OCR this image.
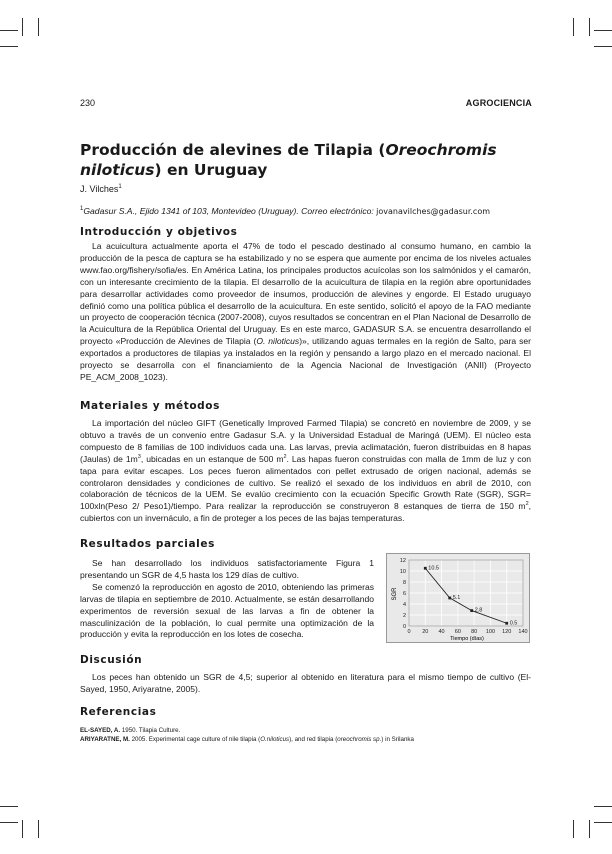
230	AGROCIENCIA
Producción de alevines de Tilapia (Oreochromis niloticus) en Uruguay
J. Vilches$^1$
$^1$Gadasur S.A., Ejido 1341 of 103, Montevideo (Uruguay). Correo electrónico: jovanavilches@gadasur.com
Introducción y objetivos

La acuicultura actualmente aporta el 47% de todo el pescado destinado al consumo humano, en cambio la producción de la pesca de captura se ha estabilizado y no se espera que aumente por encima de los niveles actuales www.fao.org/fishery/sofia/es. En América Latina, los principales productos acuícolas son los salmónidos y el camarón, con un interesante crecimiento de la tilapia. El desarrollo de la acuicultura de tilapia en la región abre oportunidades para desarrollar actividades como proveedor de insumos, producción de alevines y engorde. El Estado uruguayo definió como una política pública el desarrollo de la acuicultura. En este sentido, solicitó el apoyo de la FAO mediante un proyecto de cooperación técnica (2007-2008), cuyos resultados se concentran en el Plan Nacional de Desarrollo de la Acuicultura de la República Oriental del Uruguay. Es en este marco, GADASUR S.A. se encuentra desarrollando el proyecto «Producción de Alevines de Tilapia (O. niloticus)», utilizando aguas termales en la región de Salto, para ser exportados a productores de tilapias ya instalados en la región y pensando a largo plazo en el mercado nacional. El proyecto se desarrolla con el financiamiento de la Agencia Nacional de Investigación (ANII) (Proyecto PE_ACM_2008_1023).

Materiales y métodos

La importación del núcleo GIFT (Genetically Improved Farmed Tilapia) se concretó en noviembre de 2009, y se obtuvo a través de un convenio entre Gadasur S.A. y la Universidad Estadual de Maringá (UEM). El núcleo esta compuesto de 8 familias de 100 individuos cada una. Las larvas, previa aclimatación, fueron distribuidas en 8 hapas (Jaulas) de $1m^3$, ubicadas en un estanque de 500 $m^2$. Las hapas fueron construidas con malla de 1mm de luz y con tapa para evitar escapes. Los peces fueron alimentados con pellet extrusado de origen nacional, además se controlaron densidades y condiciones de cultivo. Se realizó el sexado de los individuos en abril de 2010, con colaboración de técnicos de la UEM. Se evalúo crecimiento con la ecuación Specific Growth Rate (SGR), SGR= 100xln(Peso 2/ Peso1)/tiempo. Para realizar la reproducción se construyeron 8 estanques de tierra de 150 $m^2$, cubiertos con un invernáculo, a fin de proteger a los peces de las bajas temperaturas.

Resultados parciales

Se han desarrollado los individuos satisfactoriamente Figura 1 presentando un SGR de 4,5 hasta los 129 días de cultivo.

Se comenzó la reproducción en agosto de 2010, obteniendo las primeras larvas de tilapia en septiembre de 2010. Actualmente, se están desarrollando experimentos de reversión sexual de las larvas a fin de obtener la masculinización de la población, lo cual permite una optimización de la producción y evita la reproducción en los lotes de cosecha.

SGR
Tiempo (días)
0
2
4
6
8
10
12
0 20 40 60 80 100 120 140
10.5
5.1
2.8
0.5
Discusión

Los peces han obtenido un SGR de 4,5; superior al obtenido en literatura para el mismo tiempo de cultivo (El-Sayed, 1950, Ariyaratne, 2005).

Referencias
EL-SAYED, A. 1950. Tilapia Culture.
ARIYARATNE, M. 2005. Experimental cage culture of nile tilapia (O.niloticus), and red tilapia (oreochromis sp.) in Srilanka
